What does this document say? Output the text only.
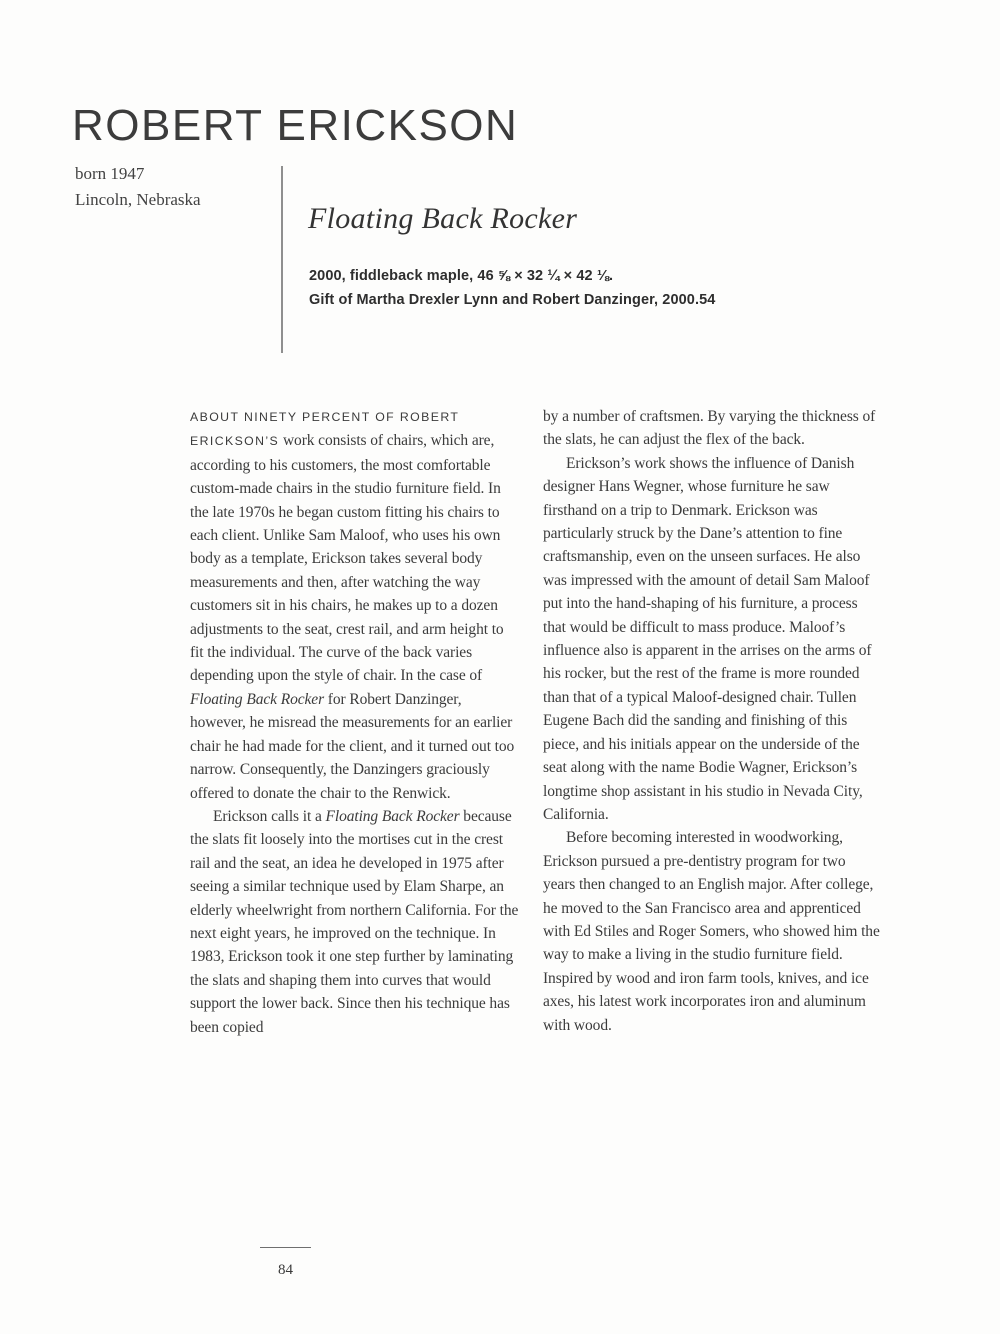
ROBERT ERICKSON
born 1947
Lincoln, Nebraska
Floating Back Rocker
2000, fiddleback maple, 46 ⅝ × 32 ¼ × 42 ⅛.
Gift of Martha Drexler Lynn and Robert Danzinger, 2000.54

ABOUT NINETY PERCENT OF ROBERT ERICKSON’S work consists of chairs, which are, according to his customers, the most comfortable custom-made chairs in the studio furniture field. In the late 1970s he began custom fitting his chairs to each client. Unlike Sam Maloof, who uses his own body as a template, Erickson takes several body measurements and then, after watching the way customers sit in his chairs, he makes up to a dozen adjustments to the seat, crest rail, and arm height to fit the individual. The curve of the back varies depending upon the style of chair. In the case of Floating Back Rocker for Robert Danzinger, however, he misread the measurements for an earlier chair he had made for the client, and it turned out too narrow. Consequently, the Danzingers graciously offered to donate the chair to the Renwick.

Erickson calls it a Floating Back Rocker because the slats fit loosely into the mortises cut in the crest rail and the seat, an idea he developed in 1975 after seeing a similar technique used by Elam Sharpe, an elderly wheelwright from northern California. For the next eight years, he improved on the technique. In 1983, Erickson took it one step further by laminating the slats and shaping them into curves that would support the lower back. Since then his technique has been copied

by a number of craftsmen. By varying the thickness of the slats, he can adjust the flex of the back.

Erickson’s work shows the influence of Danish designer Hans Wegner, whose furniture he saw firsthand on a trip to Denmark. Erickson was particularly struck by the Dane’s attention to fine craftsmanship, even on the unseen surfaces. He also was impressed with the amount of detail Sam Maloof put into the hand-shaping of his furniture, a process that would be difficult to mass produce. Maloof’s influence also is apparent in the arrises on the arms of his rocker, but the rest of the frame is more rounded than that of a typical Maloof-designed chair. Tullen Eugene Bach did the sanding and finishing of this piece, and his initials appear on the underside of the seat along with the name Bodie Wagner, Erickson’s longtime shop assistant in his studio in Nevada City, California.

Before becoming interested in woodworking, Erickson pursued a pre-dentistry program for two years then changed to an English major. After college, he moved to the San Francisco area and apprenticed with Ed Stiles and Roger Somers, who showed him the way to make a living in the studio furniture field. Inspired by wood and iron farm tools, knives, and ice axes, his latest work incorporates iron and aluminum with wood.

84
